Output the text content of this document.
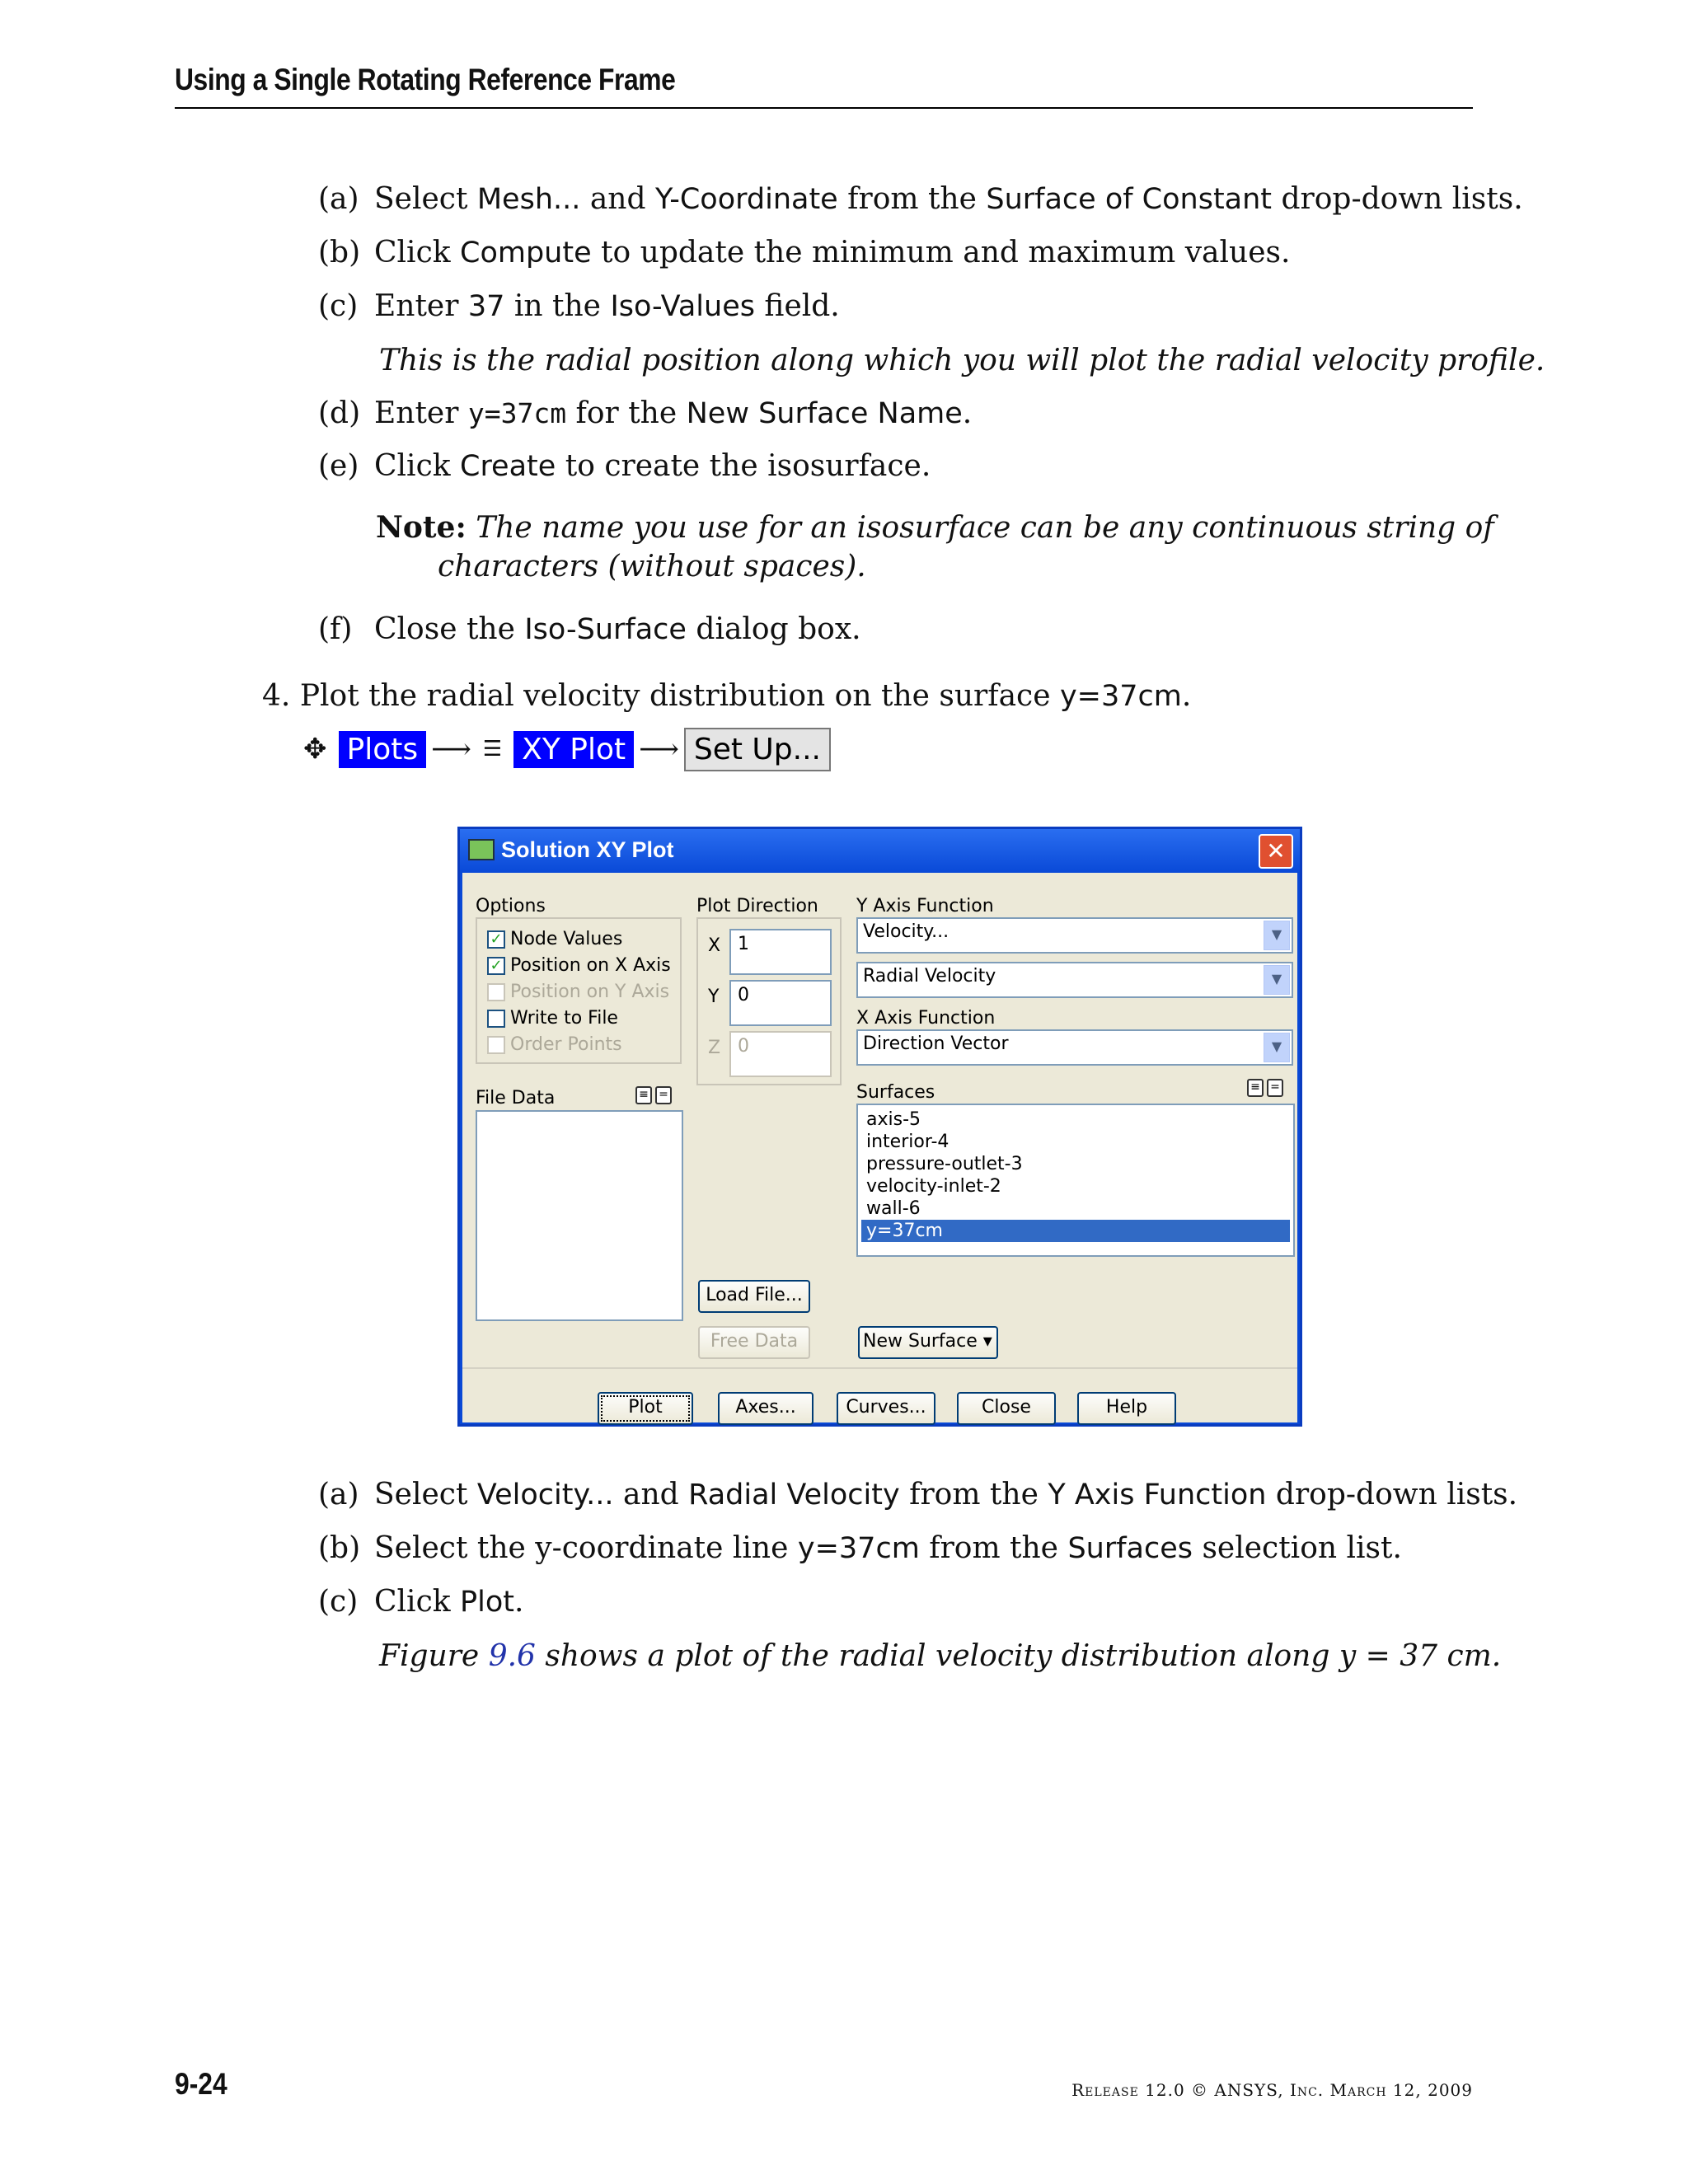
Using a Single Rotating Reference Frame
(a) Select Mesh... and Y-Coordinate from the Surface of Constant drop-down lists.
(b) Click Compute to update the minimum and maximum values.
(c) Enter 37 in the Iso-Values field.
This is the radial position along which you will plot the radial velocity profile.
(d) Enter y=37cm for the New Surface Name.
(e) Click Create to create the isosurface.
Note: The name you use for an isosurface can be any continuous string of
characters (without spaces).
(f) Close the Iso-Surface dialog box.
4. Plot the radial velocity distribution on the surface y=37cm.
✥ Plots ⟶ ☰ XY Plot ⟶ Set Up...
Solution XY Plot	✕
Options
✓ Node Values
✓ Position on X Axis
Position on Y Axis
Write to File
Order Points
File Data	≡ =
Plot Direction
X 1
Y	0
Z 0
Load File...
Free Data
Y Axis Function
Velocity...	▼
Radial Velocity	▼
X Axis Function
Direction Vector	▼
Surfaces	≡ =
axis-5
interior-4
pressure-outlet-3
velocity-inlet-2
wall-6
y=37cm
New Surface ▾
Plot	Axes...	Curves...	Close	Help
(a) Select Velocity... and Radial Velocity from the Y Axis Function drop-down lists.
(b) Select the y-coordinate line y=37cm from the Surfaces selection list.
(c) Click Plot.
Figure 9.6 shows a plot of the radial velocity distribution along y = 37 cm.
9-24	Release 12.0 © ANSYS, Inc. March 12, 2009
